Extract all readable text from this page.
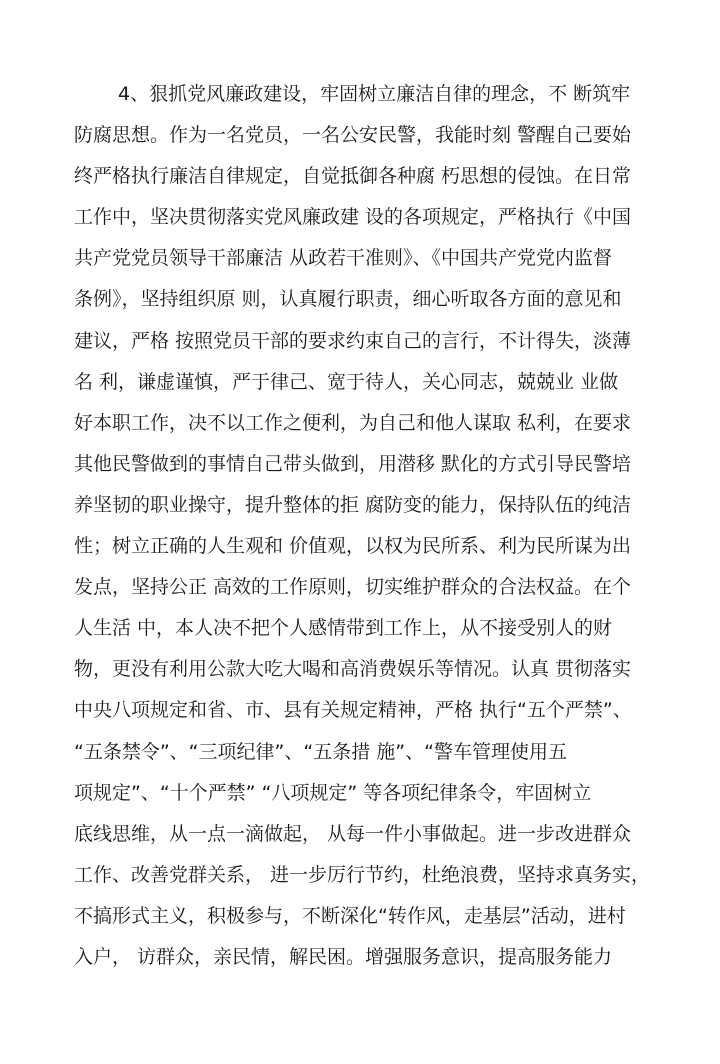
4、狠抓党风廉政建设，牢固树立廉洁自律的理念，不 断筑牢
防腐思想。作为一名党员，一名公安民警，我能时刻 警醒自己要始
终严格执行廉洁自律规定，自觉抵御各种腐 朽思想的侵蚀。在日常
工作中，坚决贯彻落实党风廉政建 设的各项规定，严格执行《中国
共产党党员领导干部廉洁 从政若干准则》、《中国共产党党内监督
条例》，坚持组织原 则，认真履行职责，细心听取各方面的意见和
建议，严格 按照党员干部的要求约束自己的言行，不计得失，淡薄
名 利，谦虚谨慎，严于律己、宽于待人，关心同志，兢兢业 业做
好本职工作，决不以工作之便利，为自己和他人谋取 私利，在要求
其他民警做到的事情自己带头做到，用潜移 默化的方式引导民警培
养坚韧的职业操守，提升整体的拒 腐防变的能力，保持队伍的纯洁
性；树立正确的人生观和 价值观，以权为民所系、利为民所谋为出
发点，坚持公正 高效的工作原则，切实维护群众的合法权益。在个
人生活 中，本人决不把个人感情带到工作上，从不接受别人的财
物，更没有利用公款大吃大喝和高消费娱乐等情况。认真 贯彻落实
中央八项规定和省、市、县有关规定精神，严格 执行“五个严禁”、
“五条禁令”、“三项纪律”、“五条措 施”、“警车管理使用五
项规定”、“十个严禁” “八项规定” 等各项纪律条令，牢固树立
底线思维，从一点一滴做起， 从每一件小事做起。进一步改进群众
工作、改善党群关系， 进一步厉行节约，杜绝浪费，坚持求真务实，
不搞形式主义，积极参与，不断深化“转作风，走基层”活动，进村
入户， 访群众，亲民情，解民困。增强服务意识，提高服务能力
